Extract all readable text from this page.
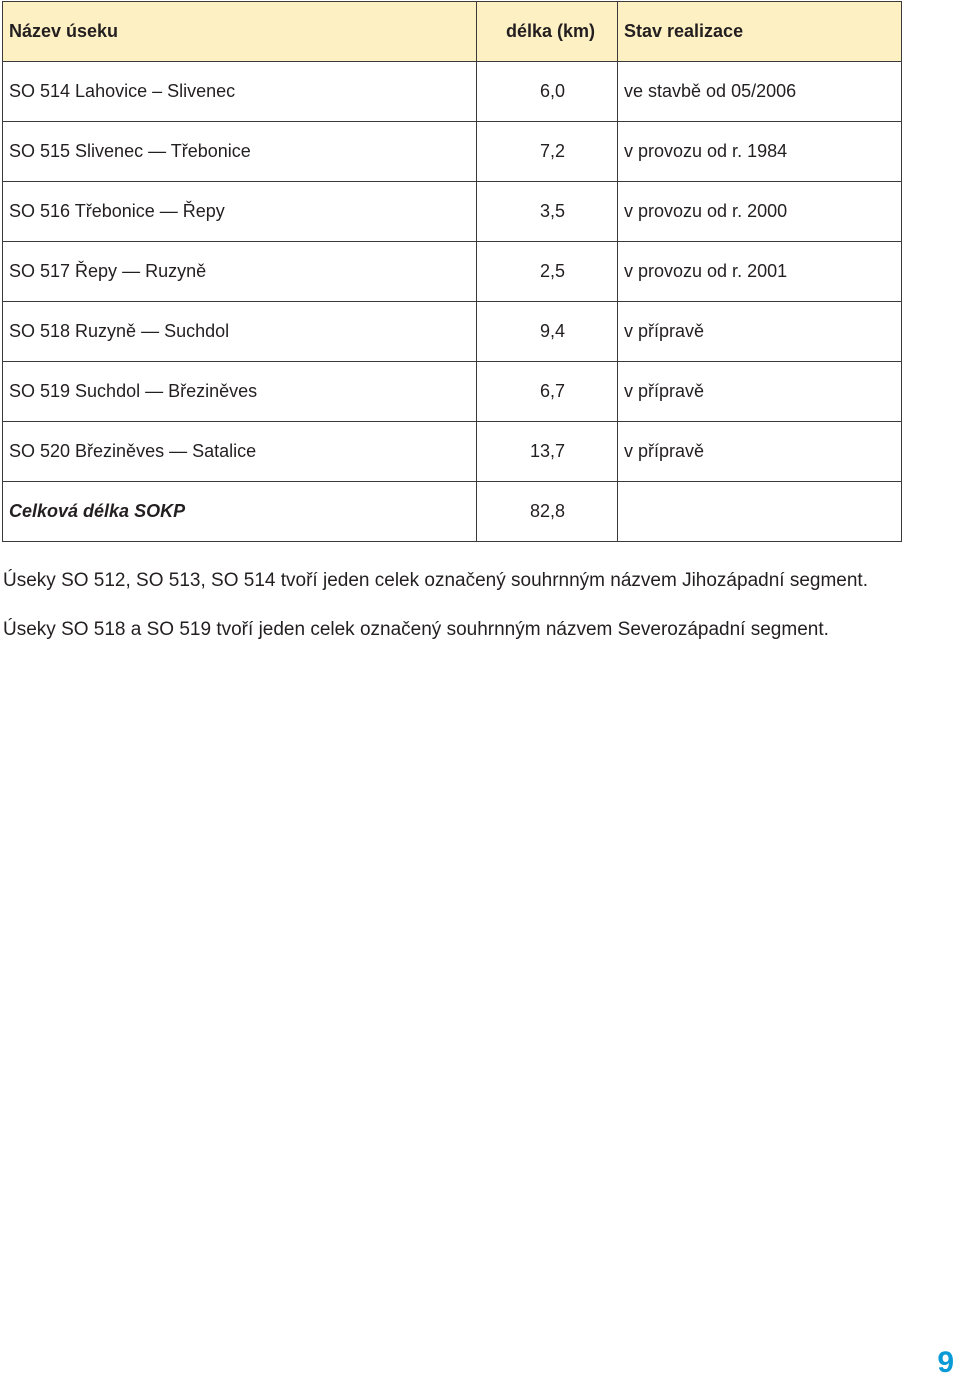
Název úseku	délka (km)	Stav realizace
SO 514 Lahovice – Slivenec	6,0	ve stavbě od 05/2006
SO 515 Slivenec — Třebonice	7,2	v provozu od r. 1984
SO 516 Třebonice — Řepy	3,5	v provozu od r. 2000
SO 517 Řepy — Ruzyně	2,5	v provozu od r. 2001
SO 518 Ruzyně — Suchdol	9,4	v přípravě
SO 519 Suchdol — Březiněves	6,7	v přípravě
SO 520 Březiněves — Satalice	13,7	v přípravě
Celková délka SOKP	82,8	

Úseky SO 512, SO 513, SO 514 tvoří jeden celek označený souhrnným názvem Jihozápadní segment.

Úseky SO 518 a SO 519 tvoří jeden celek označený souhrnným názvem Severozápadní segment.

9
